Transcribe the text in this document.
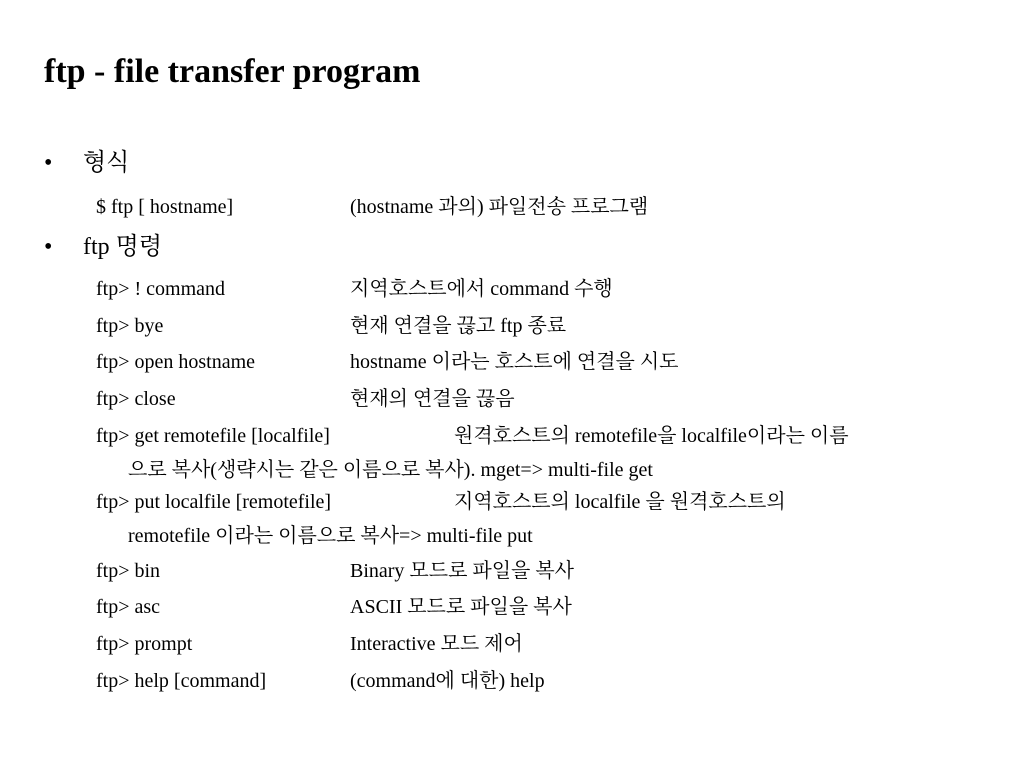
ftp - file transfer program
•	형식
$ ftp [ hostname]	(hostname 과의) 파일전송 프로그램
•	ftp 명령
ftp> ! command	지역호스트에서 command 수행
ftp> bye	현재 연결을 끊고 ftp 종료
ftp> open hostname	hostname 이라는 호스트에 연결을 시도
ftp> close	현재의 연결을 끊음
ftp> get remotefile [localfile]	원격호스트의 remotefile을 localfile이라는 이름
으로 복사(생략시는 같은 이름으로 복사). mget=> multi-file get
ftp> put localfile [remotefile]	지역호스트의 localfile 을 원격호스트의
remotefile 이라는 이름으로 복사=> multi-file put
ftp> bin	Binary 모드로 파일을 복사
ftp> asc	ASCII 모드로 파일을 복사
ftp> prompt	Interactive 모드 제어
ftp> help [command]	(command에 대한) help
